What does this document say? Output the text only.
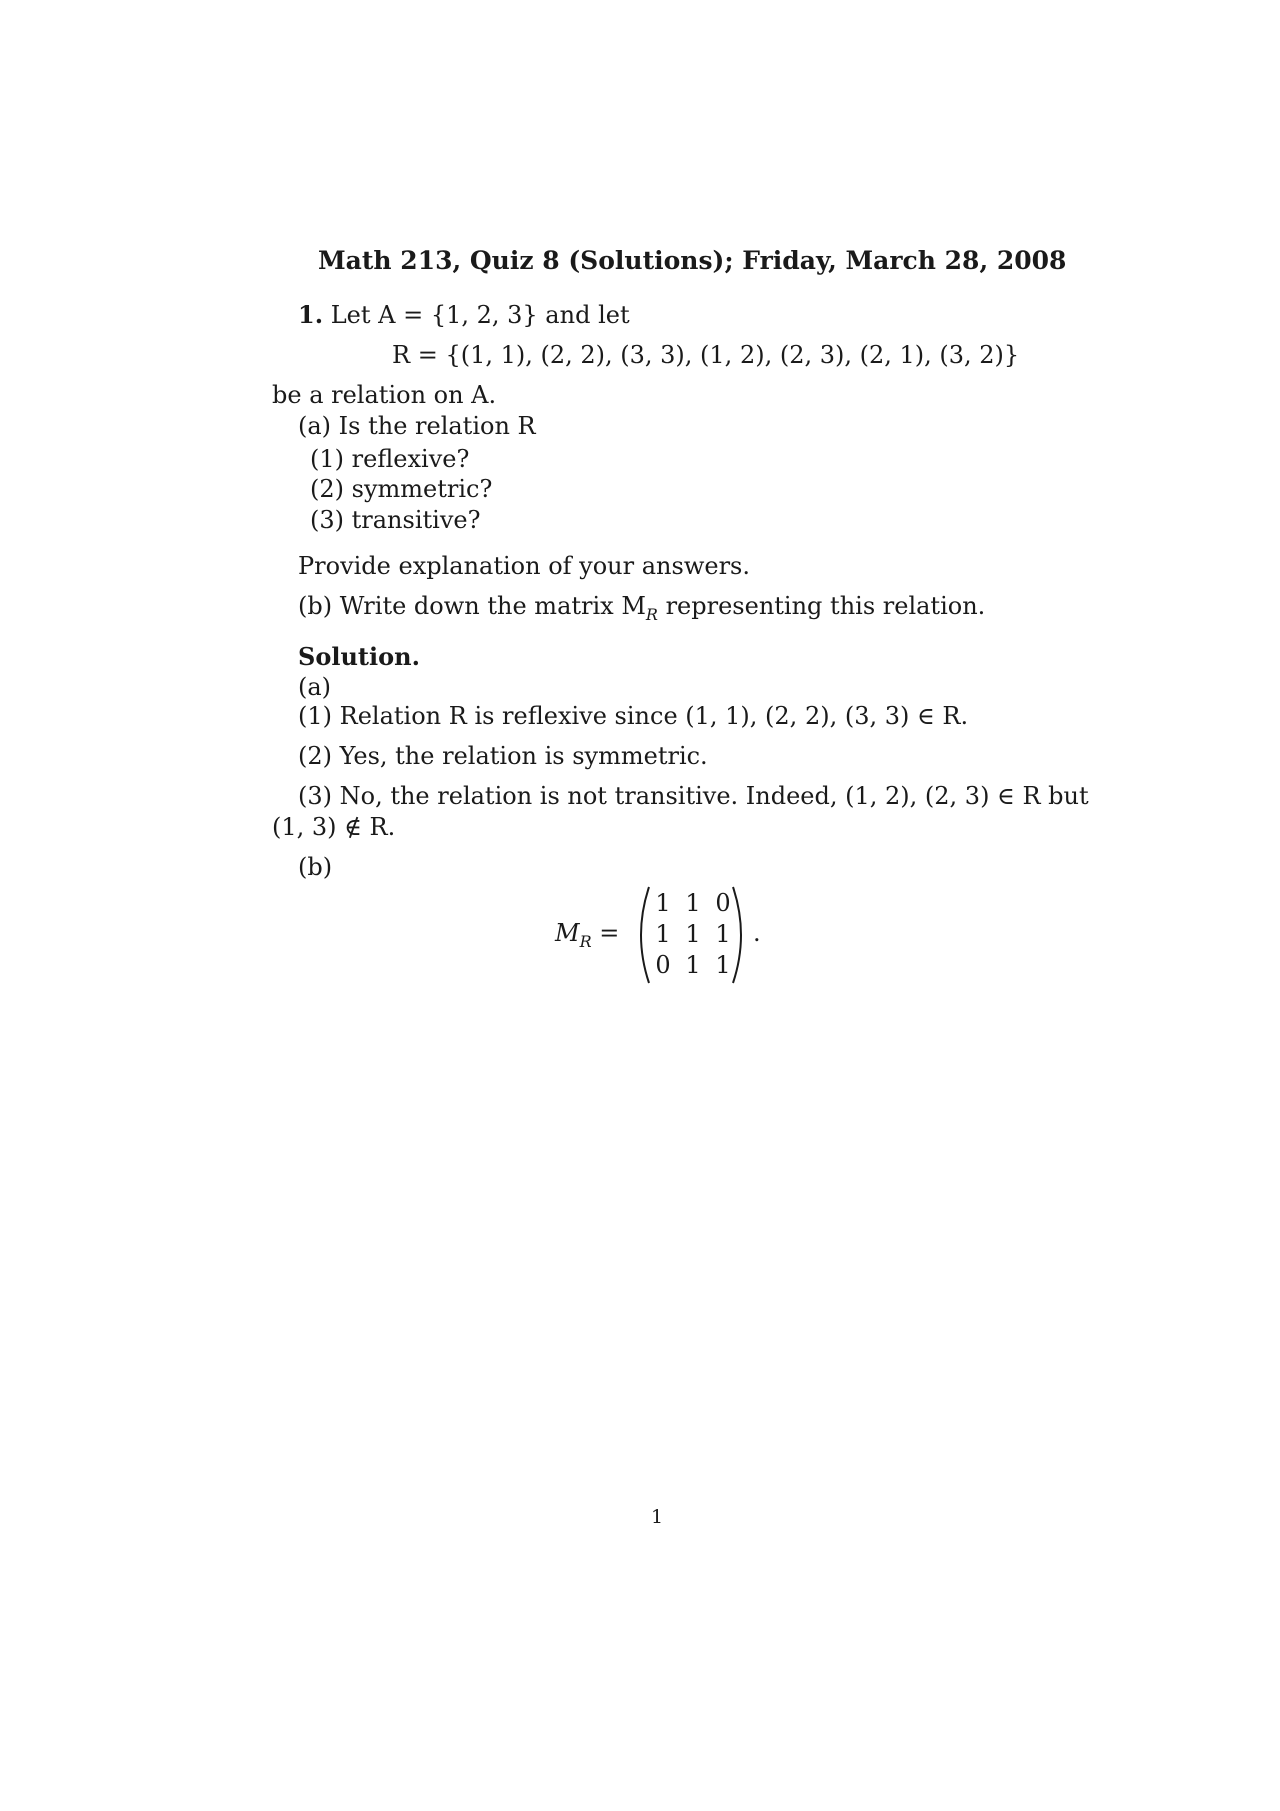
Math 213, Quiz 8 (Solutions); Friday, March 28, 2008
1. Let A = {1, 2, 3} and let
R = {(1, 1), (2, 2), (3, 3), (1, 2), (2, 3), (2, 1), (3, 2)}
be a relation on A.
(a) Is the relation R
(1) reflexive?
(2) symmetric?
(3) transitive?
Provide explanation of your answers.
(b) Write down the matrix $M_R$ representing this relation.
Solution.
(a)
(1) Relation R is reflexive since (1, 1), (2, 2), (3, 3) ∈ R.
(2) Yes, the relation is symmetric.
(3) No, the relation is not transitive. Indeed, (1, 2), (2, 3) ∈ R but
(1, 3) ∉ R.
(b)
$M_R$ =
1 1 0
1 1 1
0 1 1
.
1
